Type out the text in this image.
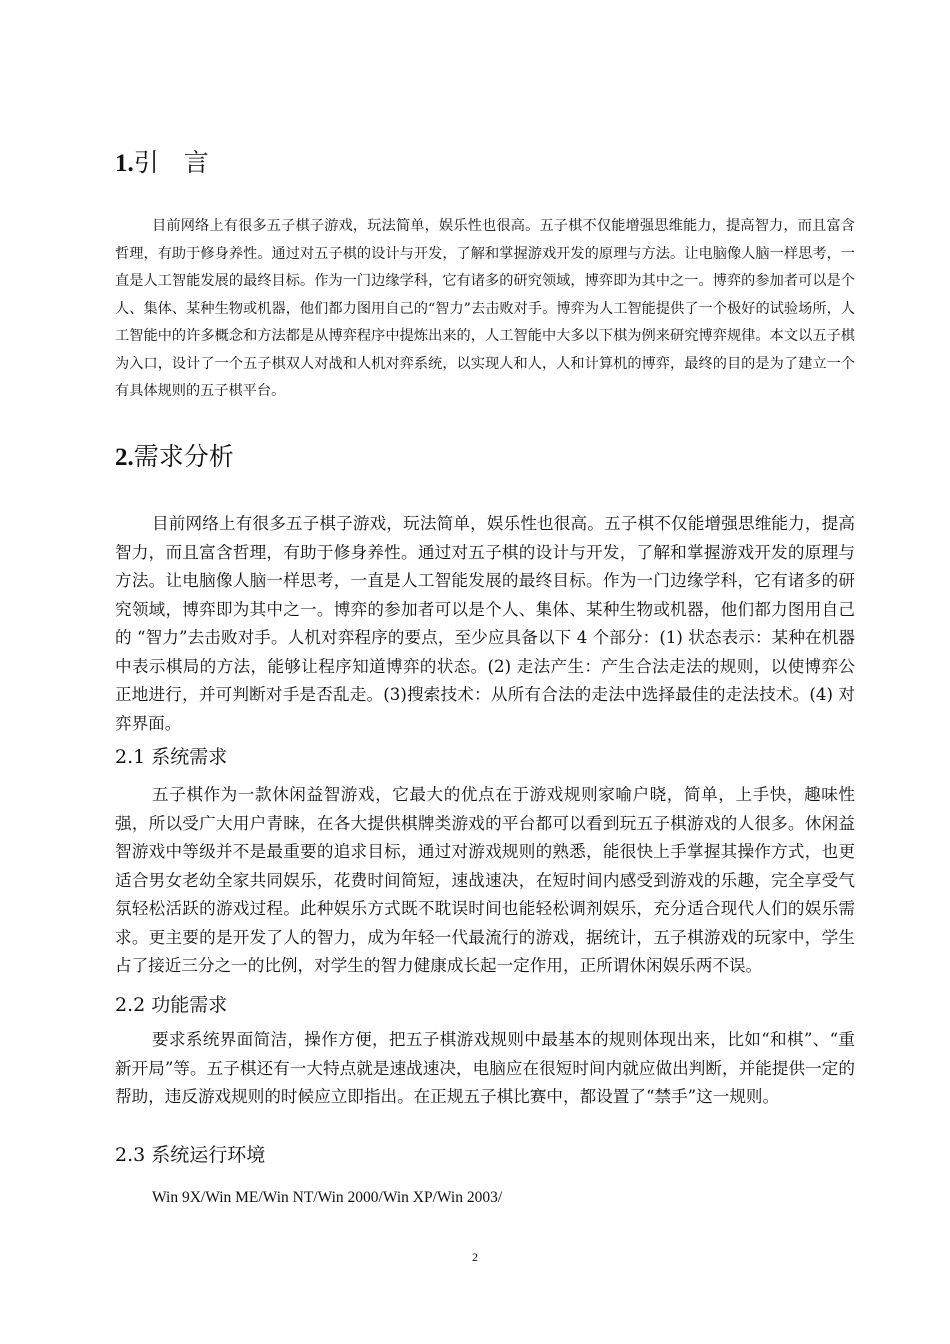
1.引　言
目前网络上有很多五子棋子游戏，玩法简单，娱乐性也很高。五子棋不仅能增强思维能力，提高智力，而且富含哲理，有助于修身养性。通过对五子棋的设计与开发，了解和掌握游戏开发的原理与方法。让电脑像人脑一样思考，一直是人工智能发展的最终目标。作为一门边缘学科，它有诸多的研究领域，博弈即为其中之一。博弈的参加者可以是个人、集体、某种生物或机器，他们都力图用自己的“智力”去击败对手。博弈为人工智能提供了一个极好的试验场所，人工智能中的许多概念和方法都是从博弈程序中提炼出来的，人工智能中大多以下棋为例来研究博弈规律。本文以五子棋为入口，设计了一个五子棋双人对战和人机对弈系统，以实现人和人，人和计算机的博弈，最终的目的是为了建立一个有具体规则的五子棋平台。
2.需求分析
目前网络上有很多五子棋子游戏，玩法简单，娱乐性也很高。五子棋不仅能增强思维能力，提高智力，而且富含哲理，有助于修身养性。通过对五子棋的设计与开发，了解和掌握游戏开发的原理与方法。让电脑像人脑一样思考，一直是人工智能发展的最终目标。作为一门边缘学科，它有诸多的研究领域，博弈即为其中之一。博弈的参加者可以是个人、集体、某种生物或机器，他们都力图用自己的 “智力”去击败对手。人机对弈程序的要点，至少应具备以下 4 个部分：(1) 状态表示：某种在机器中表示棋局的方法，能够让程序知道博弈的状态。(2) 走法产生：产生合法走法的规则，以使博弈公正地进行，并可判断对手是否乱走。(3)搜索技术：从所有合法的走法中选择最佳的走法技术。(4) 对弈界面。
2.1 系统需求
五子棋作为一款休闲益智游戏，它最大的优点在于游戏规则家喻户晓，简单，上手快，趣味性强，所以受广大用户青睐，在各大提供棋牌类游戏的平台都可以看到玩五子棋游戏的人很多。休闲益智游戏中等级并不是最重要的追求目标，通过对游戏规则的熟悉，能很快上手掌握其操作方式，也更适合男女老幼全家共同娱乐，花费时间简短，速战速决，在短时间内感受到游戏的乐趣，完全享受气氛轻松活跃的游戏过程。此种娱乐方式既不耽误时间也能轻松调剂娱乐，充分适合现代人们的娱乐需求。更主要的是开发了人的智力，成为年轻一代最流行的游戏，据统计，五子棋游戏的玩家中，学生占了接近三分之一的比例，对学生的智力健康成长起一定作用，正所谓休闲娱乐两不误。
2.2 功能需求
要求系统界面简洁，操作方便，把五子棋游戏规则中最基本的规则体现出来，比如“和棋”、“重新开局”等。五子棋还有一大特点就是速战速决，电脑应在很短时间内就应做出判断，并能提供一定的帮助，违反游戏规则的时候应立即指出。在正规五子棋比赛中，都设置了“禁手”这一规则。
2.3 系统运行环境
Win 9X/Win ME/Win NT/Win 2000/Win XP/Win 2003/
2
